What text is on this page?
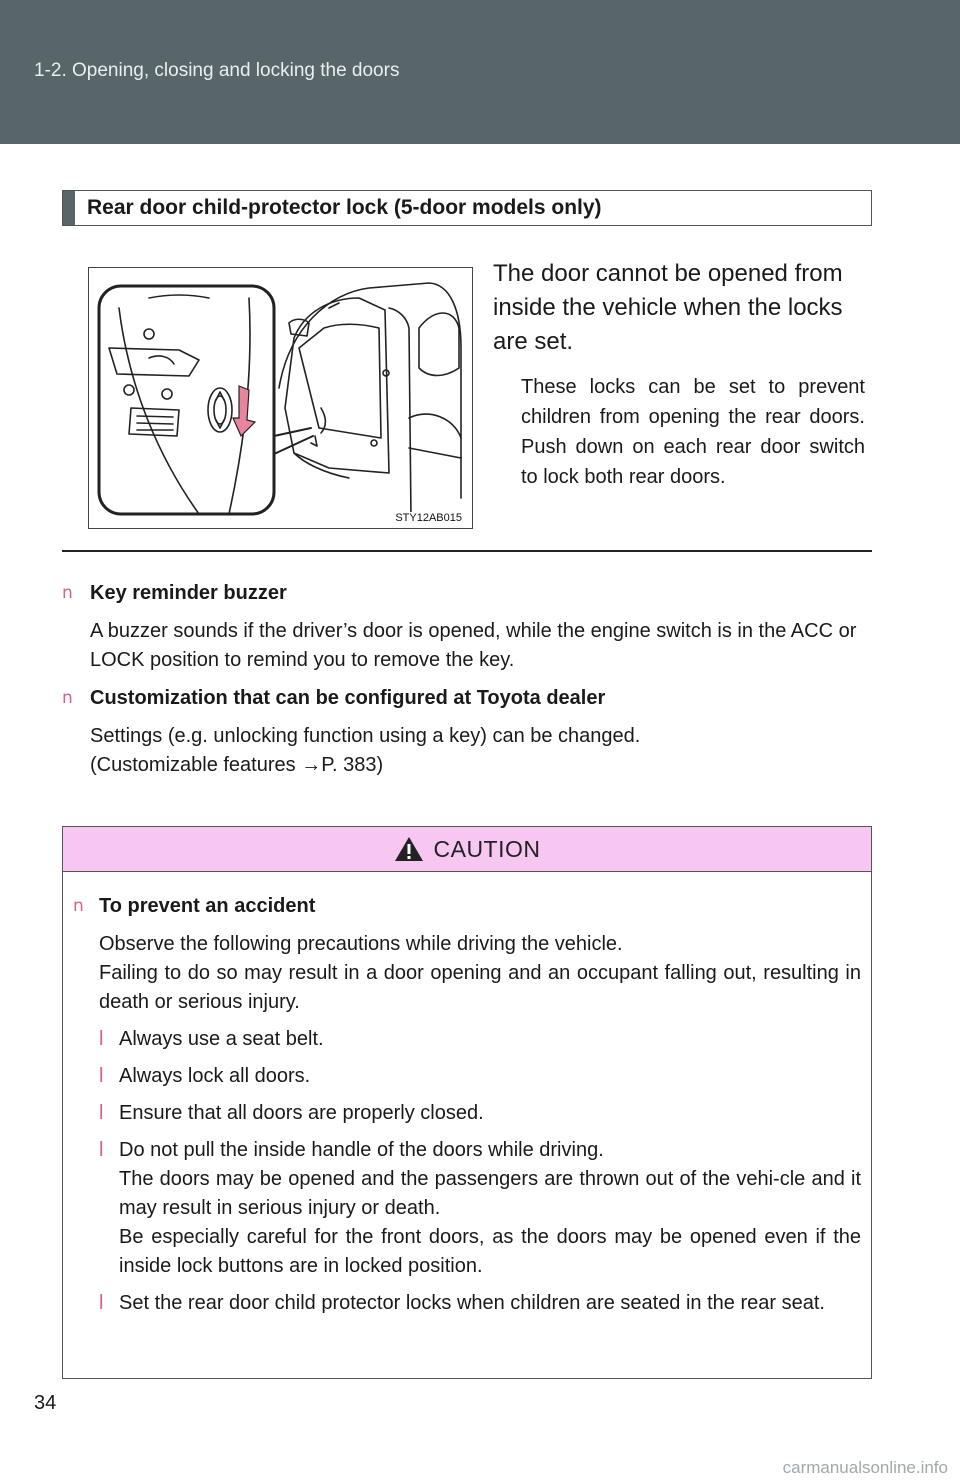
1-2. Opening, closing and locking the doors
Rear door child-protector lock (5-door models only)
STY12AB015
The door cannot be opened from inside the vehicle when the locks are set.
These locks can be set to prevent children from opening the rear doors. Push down on each rear door switch to lock both rear doors.
n Key reminder buzzer
A buzzer sounds if the driver’s door is opened, while the engine switch is in the ACC or LOCK position to remind you to remove the key.
n Customization that can be configured at Toyota dealer
Settings (e.g. unlocking function using a key) can be changed.
(Customizable features →P. 383)
CAUTION
n To prevent an accident
Observe the following precautions while driving the vehicle.
Failing to do so may result in a door opening and an occupant falling out, resulting in death or serious injury.
l Always use a seat belt.
l Always lock all doors.
l Ensure that all doors are properly closed.
l Do not pull the inside handle of the doors while driving.
The doors may be opened and the passengers are thrown out of the vehi-cle and it may result in serious injury or death.
Be especially careful for the front doors, as the doors may be opened even if the inside lock buttons are in locked position.
l Set the rear door child protector locks when children are seated in the rear seat.
34
carmanualsonline.info
